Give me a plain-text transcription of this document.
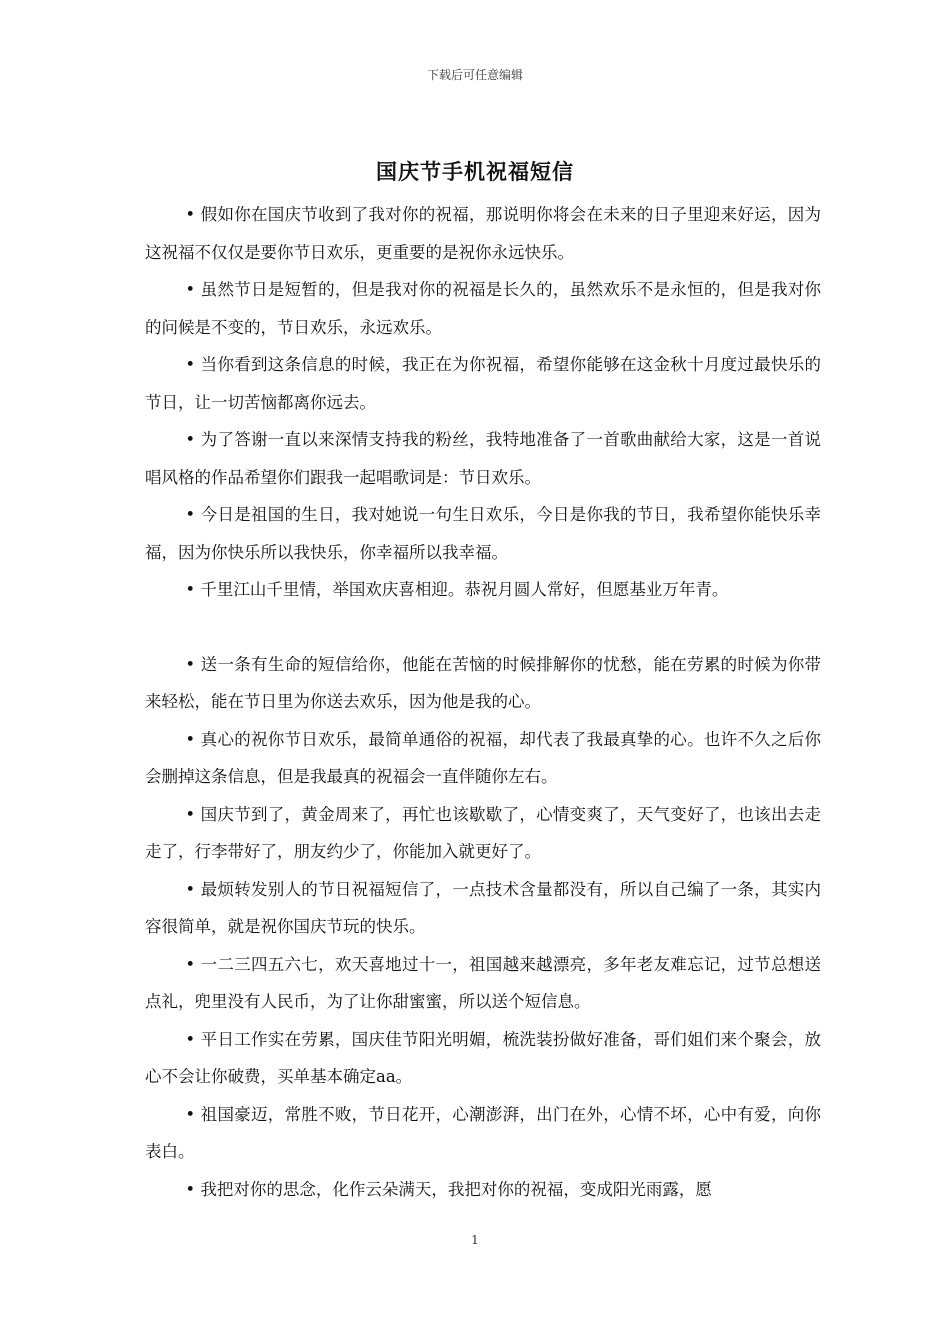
下载后可任意编辑
国庆节手机祝福短信

• 假如你在国庆节收到了我对你的祝福，那说明你将会在未来的日子里迎来好运，因为这祝福不仅仅是要你节日欢乐，更重要的是祝你永远快乐。

• 虽然节日是短暂的，但是我对你的祝福是长久的，虽然欢乐不是永恒的，但是我对你的问候是不变的，节日欢乐，永远欢乐。

• 当你看到这条信息的时候，我正在为你祝福，希望你能够在这金秋十月度过最快乐的节日，让一切苦恼都离你远去。

• 为了答谢一直以来深情支持我的粉丝，我特地准备了一首歌曲献给大家，这是一首说唱风格的作品希望你们跟我一起唱歌词是：节日欢乐。

• 今日是祖国的生日，我对她说一句生日欢乐，今日是你我的节日，我希望你能快乐幸福，因为你快乐所以我快乐，你幸福所以我幸福。

• 千里江山千里情，举国欢庆喜相迎。恭祝月圆人常好，但愿基业万年青。

• 送一条有生命的短信给你，他能在苦恼的时候排解你的忧愁，能在劳累的时候为你带来轻松，能在节日里为你送去欢乐，因为他是我的心。

• 真心的祝你节日欢乐，最简单通俗的祝福，却代表了我最真挚的心。也许不久之后你会删掉这条信息，但是我最真的祝福会一直伴随你左右。

• 国庆节到了，黄金周来了，再忙也该歇歇了，心情变爽了，天气变好了，也该出去走走了，行李带好了，朋友约少了，你能加入就更好了。

• 最烦转发别人的节日祝福短信了，一点技术含量都没有，所以自己编了一条，其实内容很简单，就是祝你国庆节玩的快乐。

• 一二三四五六七，欢天喜地过十一，祖国越来越漂亮，多年老友难忘记，过节总想送点礼，兜里没有人民币，为了让你甜蜜蜜，所以送个短信息。

• 平日工作实在劳累，国庆佳节阳光明媚，梳洗装扮做好准备，哥们姐们来个聚会，放心不会让你破费，买单基本确定aa。

• 祖国豪迈，常胜不败，节日花开，心潮澎湃，出门在外，心情不坏，心中有爱，向你表白。

• 我把对你的思念，化作云朵满天，我把对你的祝福，变成阳光雨露，愿

1
